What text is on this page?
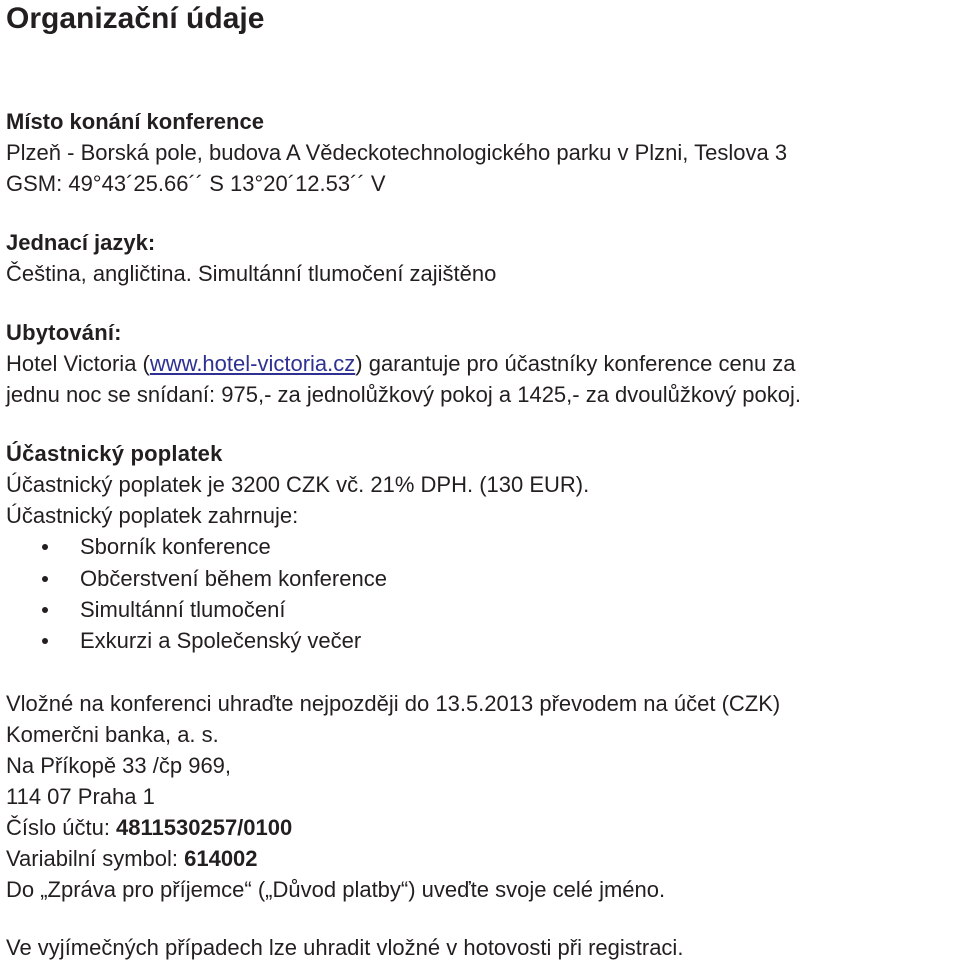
Organizační údaje
Místo konání konference
Plzeň - Borská pole, budova A Vědeckotechnologického parku v Plzni, Teslova 3
GSM: 49°43´25.66´´ S 13°20´12.53´´ V
Jednací jazyk:
Čeština, angličtina. Simultánní tlumočení zajištěno
Ubytování:
Hotel Victoria (www.hotel-victoria.cz) garantuje pro účastníky konference cenu za
jednu noc se snídaní: 975,- za jednolůžkový pokoj a 1425,- za dvoulůžkový pokoj.
Účastnický poplatek
Účastnický poplatek je 3200 CZK vč. 21% DPH. (130 EUR).
Účastnický poplatek zahrnuje:
Sborník konference
Občerstvení během konference
Simultánní tlumočení
Exkurzi a Společenský večer
Vložné na konferenci uhraďte nejpozději do 13.5.2013 převodem na účet (CZK)
Komerčni banka, a. s.
Na Příkopě 33 /čp 969,
114 07 Praha 1
Číslo účtu: 4811530257/0100
Variabilní symbol: 614002
Do „Zpráva pro příjemce“ („Důvod platby“) uveďte svoje celé jméno.
Ve vyjímečných případech lze uhradit vložné v hotovosti při registraci.
